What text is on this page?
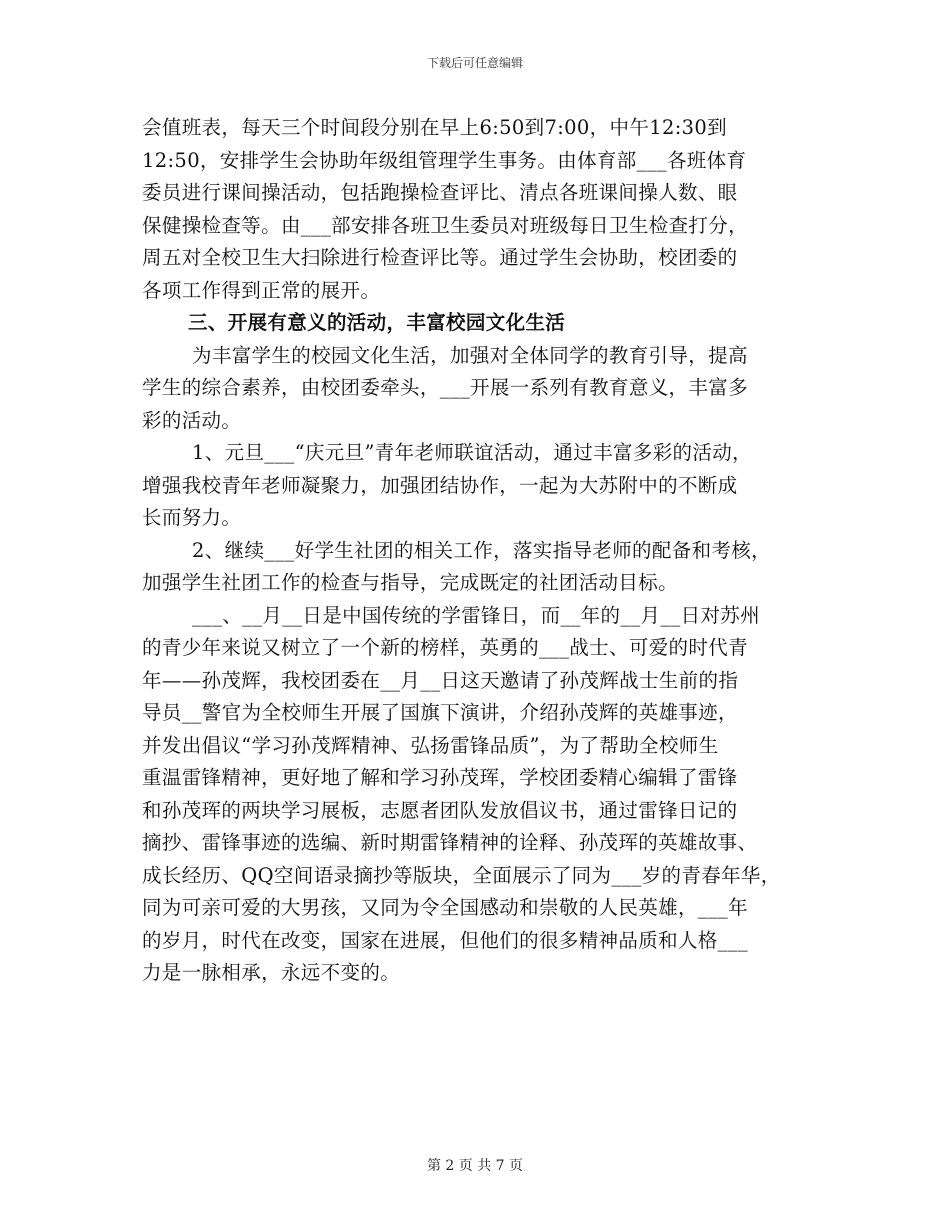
下载后可任意编辑
会值班表，每天三个时间段分别在早上6:50到7:00，中午12:30到
12:50，安排学生会协助年级组管理学生事务。由体育部___各班体育
委员进行课间操活动，包括跑操检查评比、清点各班课间操人数、眼
保健操检查等。由___部安排各班卫生委员对班级每日卫生检查打分，
周五对全校卫生大扫除进行检查评比等。通过学生会协助，校团委的
各项工作得到正常的展开。
三、开展有意义的活动，丰富校园文化生活
为丰富学生的校园文化生活，加强对全体同学的教育引导，提高
学生的综合素养，由校团委牵头，___开展一系列有教育意义，丰富多
彩的活动。
1、元旦___“庆元旦”青年老师联谊活动，通过丰富多彩的活动，
增强我校青年老师凝聚力，加强团结协作，一起为大苏附中的不断成
长而努力。
2、继续___好学生社团的相关工作，落实指导老师的配备和考核，
加强学生社团工作的检查与指导，完成既定的社团活动目标。
___、__月__日是中国传统的学雷锋日，而__年的__月__日对苏州
的青少年来说又树立了一个新的榜样，英勇的___战士、可爱的时代青
年——孙茂辉，我校团委在__月__日这天邀请了孙茂辉战士生前的指
导员__警官为全校师生开展了国旗下演讲，介绍孙茂辉的英雄事迹，
并发出倡议“学习孙茂辉精神、弘扬雷锋品质”，为了帮助全校师生
重温雷锋精神，更好地了解和学习孙茂珲，学校团委精心编辑了雷锋
和孙茂珲的两块学习展板，志愿者团队发放倡议书，通过雷锋日记的
摘抄、雷锋事迹的选编、新时期雷锋精神的诠释、孙茂珲的英雄故事、
成长经历、QQ空间语录摘抄等版块，全面展示了同为___岁的青春年华，
同为可亲可爱的大男孩，又同为令全国感动和崇敬的人民英雄，___年
的岁月，时代在改变，国家在进展，但他们的很多精神品质和人格___
力是一脉相承，永远不变的。
第 2 页 共 7 页
